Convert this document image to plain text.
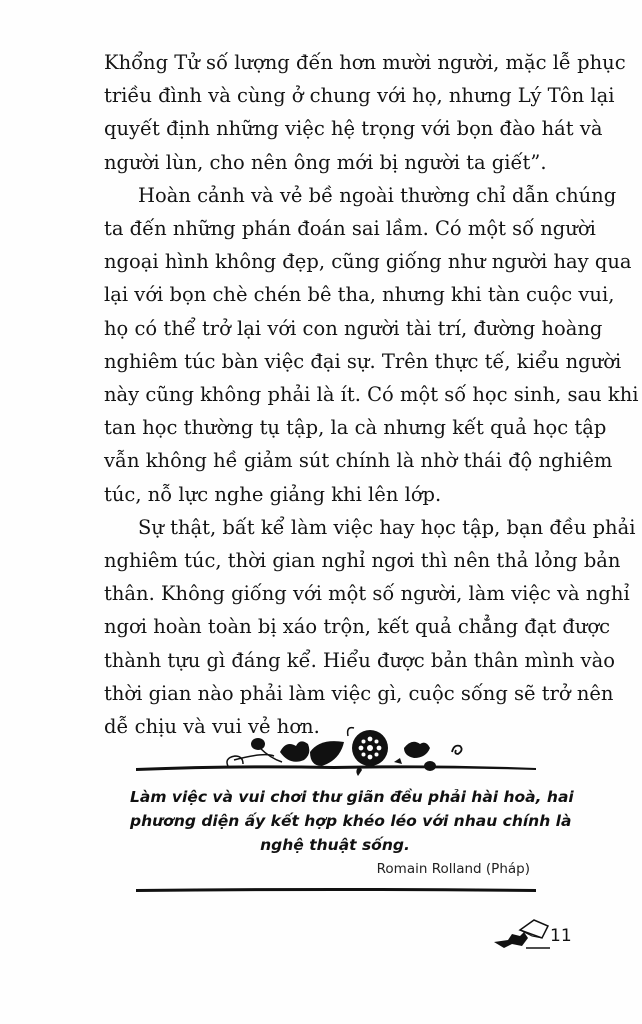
Khổng Tử số lượng đến hơn mười người, mặc lễ phục
triều đình và cùng ở chung với họ, nhưng Lý Tôn lại
quyết định những việc hệ trọng với bọn đào hát và
người lùn, cho nên ông mới bị người ta giết”.

Hoàn cảnh và vẻ bề ngoài thường chỉ dẫn chúng
ta đến những phán đoán sai lầm. Có một số người
ngoại hình không đẹp, cũng giống như người hay qua
lại với bọn chè chén bê tha, nhưng khi tàn cuộc vui,
họ có thể trở lại với con người tài trí, đường hoàng
nghiêm túc bàn việc đại sự. Trên thực tế, kiểu người
này cũng không phải là ít. Có một số học sinh, sau khi
tan học thường tụ tập, la cà nhưng kết quả học tập
vẫn không hề giảm sút chính là nhờ thái độ nghiêm
túc, nỗ lực nghe giảng khi lên lớp.

Sự thật, bất kể làm việc hay học tập, bạn đều phải
nghiêm túc, thời gian nghỉ ngơi thì nên thả lỏng bản
thân. Không giống với một số người, làm việc và nghỉ
ngơi hoàn toàn bị xáo trộn, kết quả chẳng đạt được
thành tựu gì đáng kể. Hiểu được bản thân mình vào
thời gian nào phải làm việc gì, cuộc sống sẽ trở nên
dễ chịu và vui vẻ hơn.

Làm việc và vui chơi thư giãn đều phải hài hoà, hai
phương diện ấy kết hợp khéo léo với nhau chính là
nghệ thuật sống.
Romain Rolland (Pháp)
11
